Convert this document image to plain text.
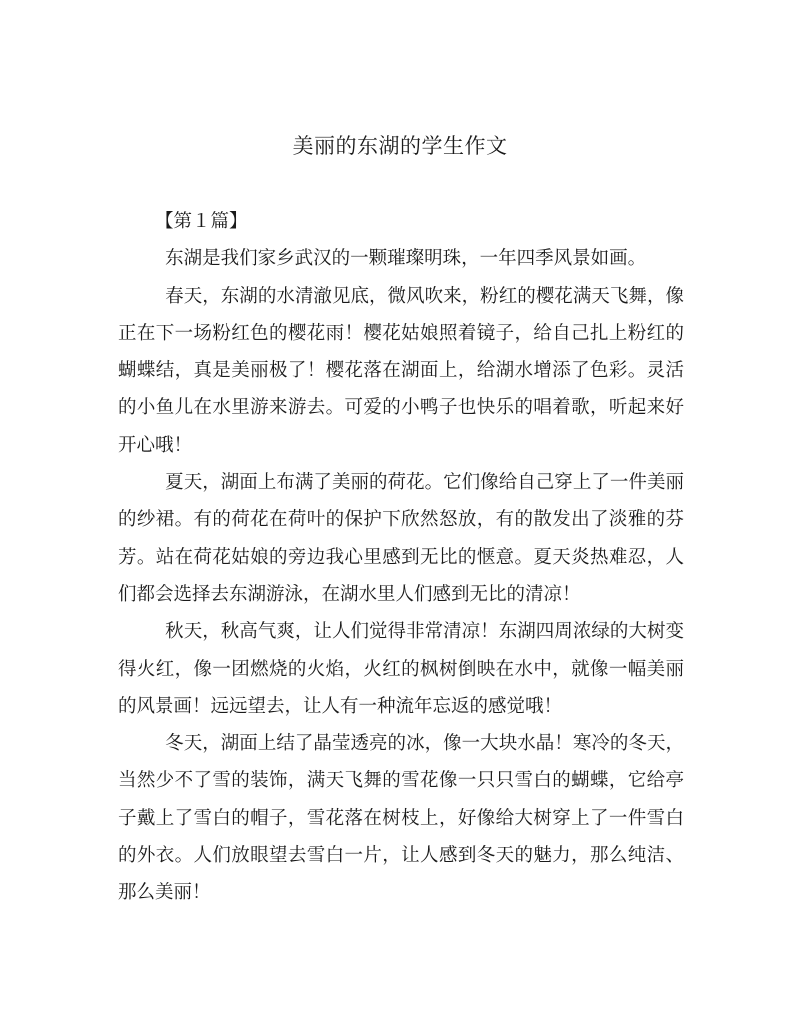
美丽的东湖的学生作文

【第１篇】

东湖是我们家乡武汉的一颗璀璨明珠，一年四季风景如画。

春天，东湖的水清澈见底，微风吹来，粉红的樱花满天飞舞，像正在下一场粉红色的樱花雨！樱花姑娘照着镜子，给自己扎上粉红的蝴蝶结，真是美丽极了！樱花落在湖面上，给湖水增添了色彩。灵活的小鱼儿在水里游来游去。可爱的小鸭子也快乐的唱着歌，听起来好开心哦！

夏天，湖面上布满了美丽的荷花。它们像给自己穿上了一件美丽的纱裙。有的荷花在荷叶的保护下欣然怒放，有的散发出了淡雅的芬芳。站在荷花姑娘的旁边我心里感到无比的惬意。夏天炎热难忍，人们都会选择去东湖游泳，在湖水里人们感到无比的清凉！

秋天，秋高气爽，让人们觉得非常清凉！东湖四周浓绿的大树变得火红，像一团燃烧的火焰，火红的枫树倒映在水中，就像一幅美丽的风景画！远远望去，让人有一种流年忘返的感觉哦！

冬天，湖面上结了晶莹透亮的冰，像一大块水晶！寒冷的冬天，当然少不了雪的装饰，满天飞舞的雪花像一只只雪白的蝴蝶，它给亭子戴上了雪白的帽子，雪花落在树枝上，好像给大树穿上了一件雪白的外衣。人们放眼望去雪白一片，让人感到冬天的魅力，那么纯洁、那么美丽！
